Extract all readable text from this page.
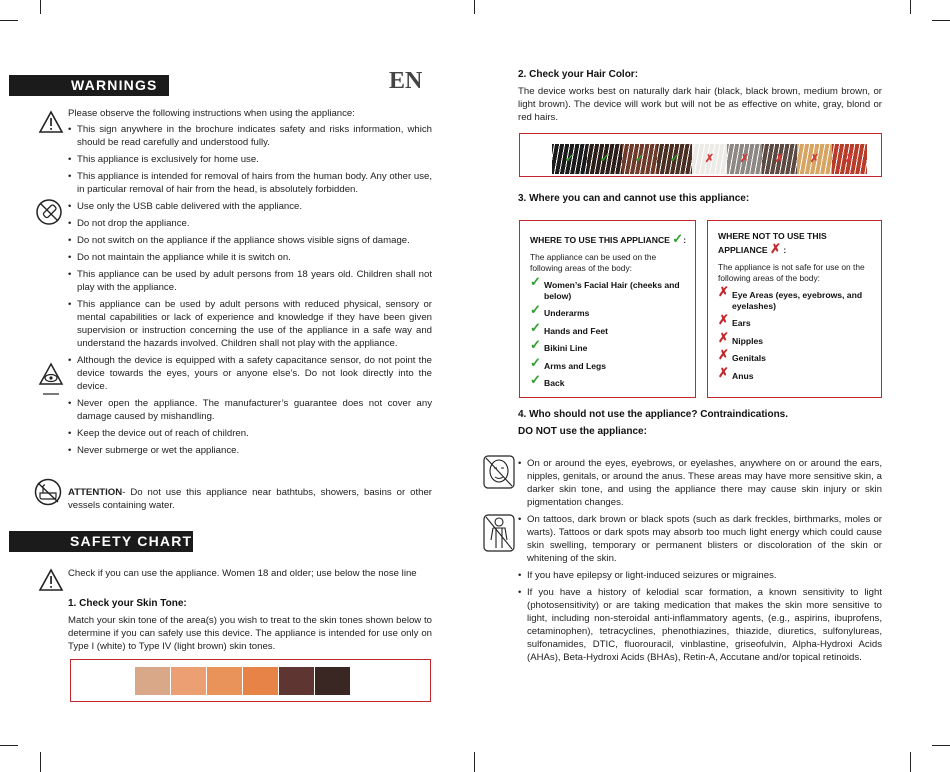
WARNINGS	EN

Please observe the following instructions when using the appliance:

• This sign anywhere in the brochure indicates safety and risks information, which should be read carefully and understood fully.
• This appliance is exclusively for home use.
• This appliance is intended for removal of hairs from the human body. Any other use, in particular removal of hair from the head, is absolutely forbidden.
• Use only the USB cable delivered with the appliance.
• Do not drop the appliance.
• Do not switch on the appliance if the appliance shows visible signs of damage.
• Do not maintain the appliance while it is switch on.
• This appliance can be used by adult persons from 18 years old. Children shall not play with the appliance.
• This appliance can be used by adult persons with reduced physical, sensory or mental capabilities or lack of experience and knowledge if they have been given supervision or instruction concerning the use of the appliance in a safe way and understand the hazards involved. Children shall not play with the appliance.
• Although the device is equipped with a safety capacitance sensor, do not point the device towards the eyes, yours or anyone else’s. Do not look directly into the device.
• Never open the appliance. The manufacturer’s guarantee does not cover any damage caused by mishandling.
• Keep the device out of reach of children.
• Never submerge or wet the appliance.
ATTENTION- Do not use this appliance near bathtubs, showers, basins or other vessels containing water.
SAFETY CHART
Check if you can use the appliance. Women 18 and older; use below the nose line
1. Check your Skin Tone:
Match your skin tone of the area(s) you wish to treat to the skin tones shown below to determine if you can safely use this device. The appliance is intended for use only on Type I (white) to Type IV (light brown) skin tones.
2. Check your Hair Color:
The device works best on naturally dark hair (black, black brown, medium brown, or light brown). The device will work but will not be as effective on white, gray, blond or red hairs.
✓	✓	✓	✓	✗	✗	✗	✗	✗
3. Where you can and cannot use this appliance:
WHERE TO USE THIS APPLIANCE ✓:
The appliance can be used on the following areas of the body:
✓ Women’s Facial Hair (cheeks and below)
✓ Underarms
✓ Hands and Feet
✓ Bikini Line
✓ Arms and Legs
✓ Back
WHERE NOT TO USE THIS APPLIANCE ✗ :
The appliance is not safe for use on the following areas of the body:
✗ Eye Areas (eyes, eyebrows, and eyelashes)
✗ Ears
✗ Nipples
✗ Genitals
✗ Anus
4. Who should not use the appliance? Contraindications.
DO NOT use the appliance:
• On or around the eyes, eyebrows, or eyelashes, anywhere on or around the ears, nipples, genitals, or around the anus. These areas may have more sensitive skin, a darker skin tone, and using the appliance there may cause skin injury or skin pigmentation changes.
• On tattoos, dark brown or black spots (such as dark freckles, birthmarks, moles or warts). Tattoos or dark spots may absorb too much light energy which could cause skin swelling, temporary or permanent blisters or discoloration of the skin or whitening of the skin.
• If you have epilepsy or light-induced seizures or migraines.
• If you have a history of kelodial scar formation, a known sensitivity to light (photosensitivity) or are taking medication that makes the skin more sensitive to light, including non-steroidal anti-inflammatory agents, (e.g., aspirins, ibuprofens, cetaminophen), tetracyclines, phenothiazines, thiazide, diuretics, sulfonylureas, sulfonamides, DTIC, fluorouracil, vinblastine, griseofulvin, Alpha-Hydroxi Acids (AHAs), Beta-Hydroxi Acids (BHAs), Retin-A, Accutane and/or topical retinoids.
